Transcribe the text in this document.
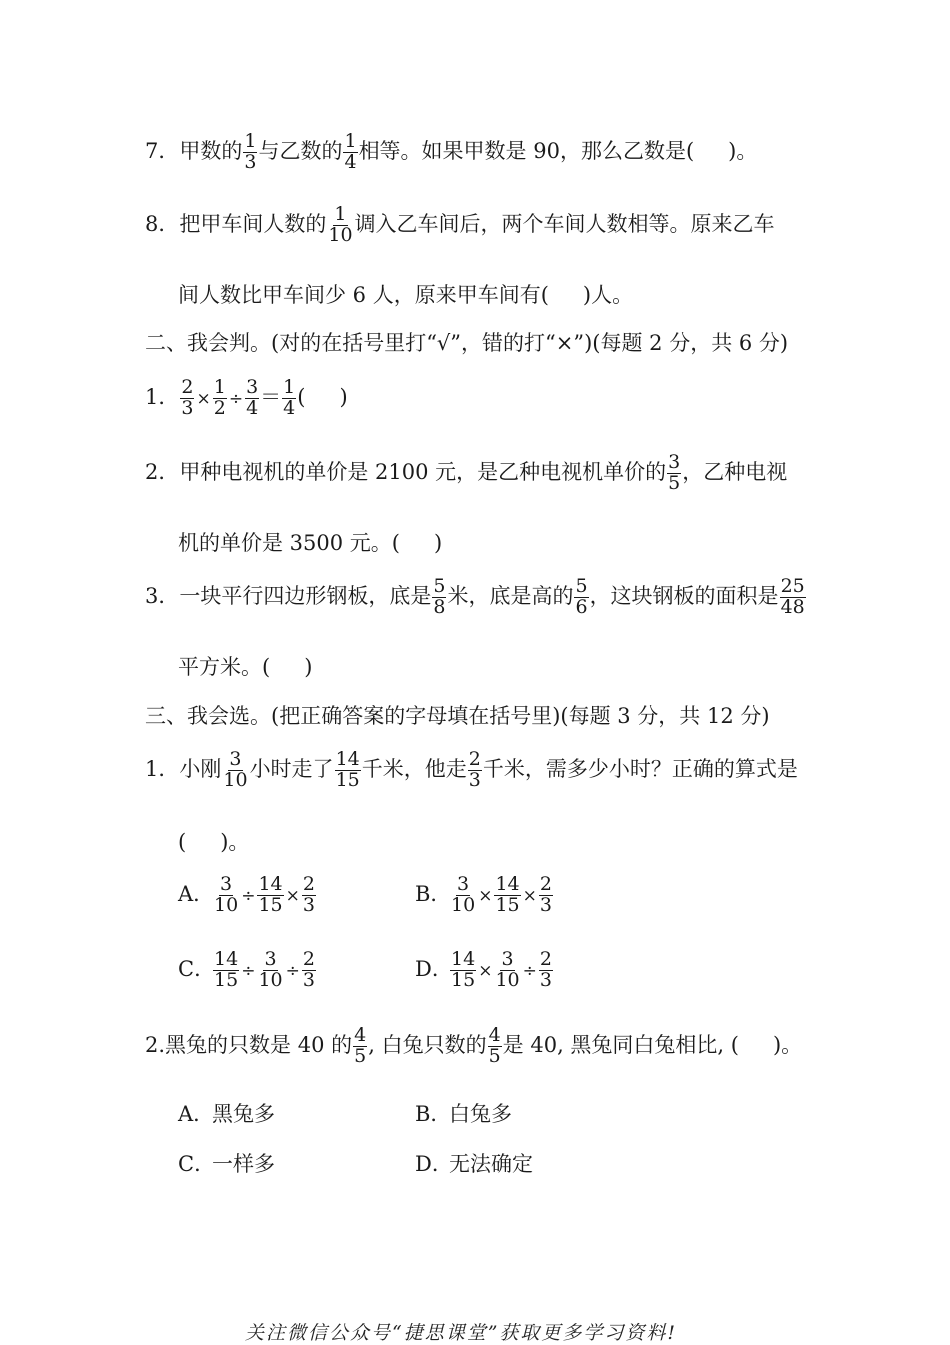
7．甲数的 $\frac{1}{3}$ 与乙数的 $\frac{1}{4}$ 相等。如果甲数是 90，那么乙数是( )。
8．把甲车间人数的 $\frac{1}{10}$ 调入乙车间后，两个车间人数相等。原来乙车
间人数比甲车间少 6 人，原来甲车间有( )人。
二、我会判。(对的在括号里打“√”，错的打“×”)(每题 2 分，共 6 分)
1． $\frac{2}{3} \times \frac{1}{2} \div \frac{3}{4} = \frac{1}{4}$ ( )
2．甲种电视机的单价是 2100 元，是乙种电视机单价的 $\frac{3}{5}$ ，乙种电视
机的单价是 3500 元。( )
3．一块平行四边形钢板，底是 $\frac{5}{8}$ 米，底是高的 $\frac{5}{6}$ ，这块钢板的面积是 $\frac{25}{48}$
平方米。( )
三、我会选。(把正确答案的字母填在括号里)(每题 3 分，共 12 分)
1．小刚 $\frac{3}{10}$ 小时走了 $\frac{14}{15}$ 千米，他走 $\frac{2}{3}$ 千米，需多少小时？正确的算式是
( )。
A．
$\frac{3}{10} \div \frac{14}{15} \times \frac{2}{3}$	B．
$\frac{3}{10} \times \frac{14}{15} \times \frac{2}{3}$
C．
$\frac{14}{15} \div \frac{3}{10} \div \frac{2}{3}$	D．
$\frac{14}{15} \times \frac{3}{10} \div \frac{2}{3}$
2.黑兔的只数是 40 的 $\frac{4}{5}$ , 白兔只数的 $\frac{4}{5}$ 是 40, 黑兔同白兔相比, ( )。
A．黑兔多	B．白兔多
C．一样多	D．无法确定
关注微信公众号“捷思课堂”获取更多学习资料!
